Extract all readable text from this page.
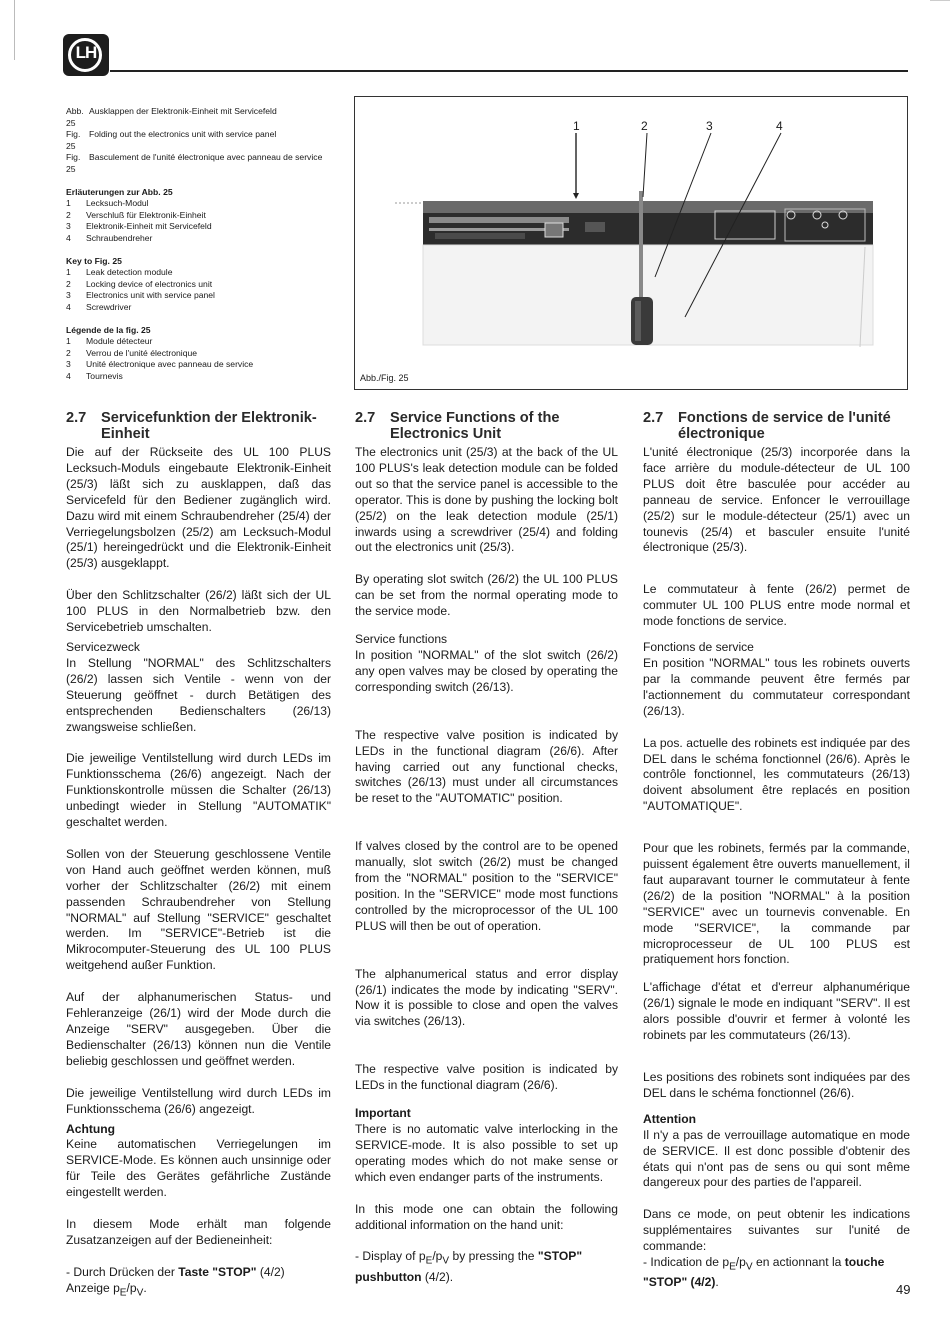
LH
Abb. 25
Ausklappen der Elektronik-Einheit mit Servicefeld
Fig. 25
Folding out the electronics unit with service panel
Fig. 25
Basculement de l'unité électronique avec panneau de service
Erläuterungen zur Abb. 25
1	Lecksuch-Modul
2	Verschluß für Elektronik-Einheit
3	Elektronik-Einheit mit Servicefeld
4	Schraubendreher
Key to Fig. 25
1	Leak detection module
2	Locking device of electronics unit
3	Electronics unit with service panel
4	Screwdriver
Légende de la fig. 25
1	Module détecteur
2	Verrou de l'unité électronique
3	Unité électronique avec panneau de service
4	Tournevis
1	2	3	4
Abb./Fig. 25
2.7	Servicefunktion der Elektronik-Einheit

Die auf der Rückseite des UL 100 PLUS Lecksuch-Moduls eingebaute Elektronik-Einheit (25/3) läßt sich zu ausklappen, daß das Servicefeld für den Bediener zugänglich wird. Dazu wird mit einem Schraubendreher (25/4) der Verriegelungsbolzen (25/2) am Lecksuch-Modul (25/1) hereingedrückt und die Elektronik-Einheit (25/3) ausgeklappt.

Über den Schlitzschalter (26/2) läßt sich der UL 100 PLUS in den Normalbetrieb bzw. den Servicebetrieb umschalten.

Servicezweck

In Stellung "NORMAL" des Schlitzschalters (26/2) lassen sich Ventile - wenn von der Steuerung geöffnet - durch Betätigen des entsprechenden Bedienschalters (26/13) zwangsweise schließen.

Die jeweilige Ventilstellung wird durch LEDs im Funktionsschema (26/6) angezeigt. Nach der Funktionskontrolle müssen die Schalter (26/13) unbedingt wieder in Stellung "AUTOMATIK" geschaltet werden.

Sollen von der Steuerung geschlossene Ventile von Hand auch geöffnet werden können, muß vorher der Schlitzschalter (26/2) mit einem passenden Schraubendreher von Stellung "NORMAL" auf Stellung "SERVICE" geschaltet werden. Im "SERVICE"-Betrieb ist die Mikrocomputer-Steuerung des UL 100 PLUS weitgehend außer Funktion.

Auf der alphanumerischen Status- und Fehleranzeige (26/1) wird der Mode durch die Anzeige "SERV" ausgegeben. Über die Bedienschalter (26/13) können nun die Ventile beliebig geschlossen und geöffnet werden.

Die jeweilige Ventilstellung wird durch LEDs im Funktionsschema (26/6) angezeigt.

Achtung

Keine automatischen Verriegelungen im SERVICE-Mode. Es können auch unsinnige oder für Teile des Gerätes gefährliche Zustände eingestellt werden.

In diesem Mode erhält man folgende Zusatzanzeigen auf der Bedieneinheit:

- Durch Drücken der Taste "STOP" (4/2) Anzeige $p_E/p_V$.

2.7	Service Functions of the Electronics Unit

The electronics unit (25/3) at the back of the UL 100 PLUS's leak detection module can be folded out so that the service panel is accessible to the operator. This is done by pushing the locking bolt (25/2) on the leak detection module (25/1) inwards using a screwdriver (25/4) and folding out the electronics unit (25/3).

By operating slot switch (26/2) the UL 100 PLUS can be set from the normal operating mode to the service mode.

Service functions

In position "NORMAL" of the slot switch (26/2) any open valves may be closed by operating the corresponding switch (26/13).

The respective valve position is indicated by LEDs in the functional diagram (26/6). After having carried out any functional checks, switches (26/13) must under all circumstances be reset to the "AUTOMATIC" position.

If valves closed by the control are to be opened manually, slot switch (26/2) must be changed from the "NORMAL" position to the "SERVICE" position. In the "SERVICE" mode most functions controlled by the microprocessor of the UL 100 PLUS will then be out of operation.

The alphanumerical status and error display (26/1) indicates the mode by indicating "SERV". Now it is possible to close and open the valves via switches (26/13).

The respective valve position is indicated by LEDs in the functional diagram (26/6).

Important

There is no automatic valve interlocking in the SERVICE-mode. It is also possible to set up operating modes which do not make sense or which even endanger parts of the instruments.

In this mode one can obtain the following additional information on the hand unit:

- Display of $p_E/p_V$ by pressing the "STOP" pushbutton (4/2).

2.7	Fonctions de service de l'unité électronique

L'unité électronique (25/3) incorporée dans la face arrière du module-détecteur de UL 100 PLUS doit être basculée pour accéder au panneau de service. Enfoncer le verrouillage (25/2) sur le module-détecteur (25/1) avec un tounevis (25/4) et basculer ensuite l'unité électronique (25/3).

Le commutateur à fente (26/2) permet de commuter UL 100 PLUS entre mode normal et mode fonctions de service.

Fonctions de service

En position "NORMAL" tous les robinets ouverts par la commande peuvent être fermés par l'actionnement du commutateur correspondant (26/13).

La pos. actuelle des robinets est indiquée par des DEL dans le schéma fonctionnel (26/6). Après le contrôle fonctionnel, les commutateurs (26/13) doivent absolument être replacés en position "AUTOMATIQUE".

Pour que les robinets, fermés par la commande, puissent également être ouverts manuellement, il faut auparavant tourner le commutateur à fente (26/2) de la position "NORMAL" à la position "SERVICE" avec un tournevis convenable. En mode "SERVICE", la commande par microprocesseur de UL 100 PLUS est pratiquement hors fonction.

L'affichage d'état et d'erreur alphanumérique (26/1) signale le mode en indiquant "SERV". Il est alors possible d'ouvrir et fermer à volonté les robinets par les commutateurs (26/13).

Les positions des robinets sont indiquées par des DEL dans le schéma fonctionnel (26/6).

Attention

Il n'y a pas de verrouillage automatique en mode de SERVICE. Il est donc possible d'obtenir des états qui n'ont pas de sens ou qui sont même dangereux pour des parties de l'appareil.

Dans ce mode, on peut obtenir les indications supplémentaires suivantes sur l'unité de commande:

- Indication de $p_E/p_V$ en actionnant la touche "STOP" (4/2).	49
